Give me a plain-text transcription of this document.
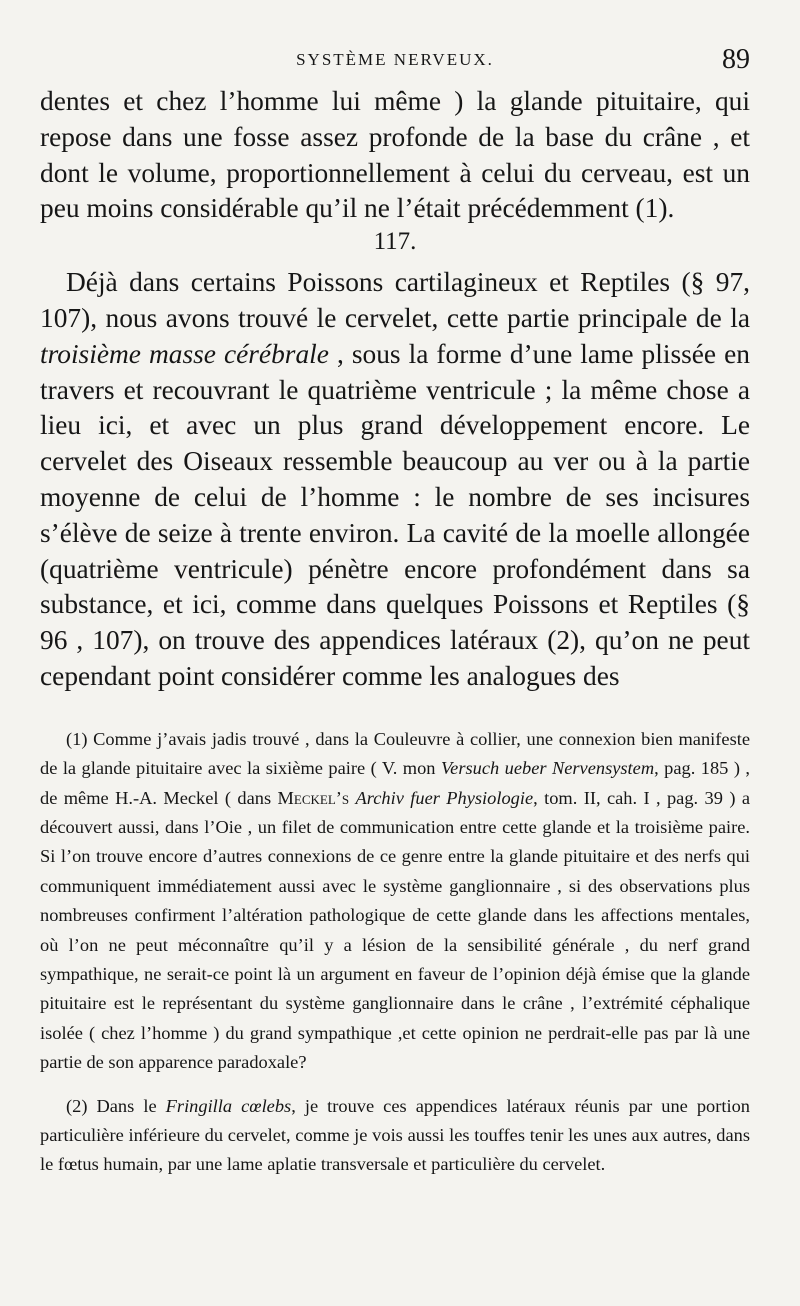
SYSTÈME NERVEUX.	89

dentes et chez l’homme lui même ) la glande pituitaire, qui repose dans une fosse assez profonde de la base du crâne , et dont le volume, proportionnellement à celui du cerveau, est un peu moins considérable qu’il ne l’était précédemment (1).

117.

Déjà dans certains Poissons cartilagineux et Reptiles (§ 97, 107), nous avons trouvé le cervelet, cette partie principale de la troisième masse cérébrale , sous la forme d’une lame plissée en travers et recouvrant le quatrième ventricule ; la même chose a lieu ici, et avec un plus grand développement encore. Le cervelet des Oiseaux ressemble beaucoup au ver ou à la partie moyenne de celui de l’homme : le nombre de ses incisures s’élève de seize à trente environ. La cavité de la moelle allongée (quatrième ventricule) pénètre encore profondément dans sa substance, et ici, comme dans quelques Poissons et Reptiles (§ 96 , 107), on trouve des appendices latéraux (2), qu’on ne peut cependant point considérer comme les analogues des

(1) Comme j’avais jadis trouvé , dans la Couleuvre à collier, une connexion bien manifeste de la glande pituitaire avec la sixième paire ( V. mon Versuch ueber Nervensystem, pag. 185 ) , de même H.-A. Meckel ( dans Meckel’s Archiv fuer Physiologie, tom. II, cah. I , pag. 39 ) a découvert aussi, dans l’Oie , un filet de communication entre cette glande et la troisième paire. Si l’on trouve encore d’autres connexions de ce genre entre la glande pituitaire et des nerfs qui communiquent immédiatement aussi avec le système ganglionnaire , si des observations plus nombreuses confirment l’altération pathologique de cette glande dans les affections mentales, où l’on ne peut méconnaître qu’il y a lésion de la sensibilité générale , du nerf grand sympathique, ne serait-ce point là un argument en faveur de l’opinion déjà émise que la glande pituitaire est le représentant du système ganglionnaire dans le crâne , l’extrémité céphalique isolée ( chez l’homme ) du grand sympathique ,et cette opinion ne perdrait-elle pas par là une partie de son apparence paradoxale?

(2) Dans le Fringilla cœlebs, je trouve ces appendices latéraux réunis par une portion particulière inférieure du cervelet, comme je vois aussi les touffes tenir les unes aux autres, dans le fœtus humain, par une lame aplatie transversale et particulière du cervelet.
